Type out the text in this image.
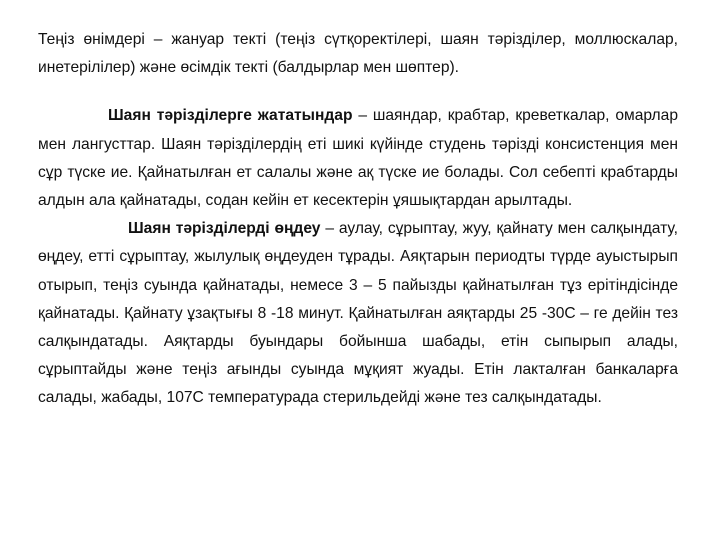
Теңіз өнімдері – жануар текті (теңіз сүтқоректілері, шаян тәрізділер, моллюскалар, инетерілілер) және өсімдік текті (балдырлар мен шөптер).

Шаян тәрізділерге жататындар – шаяндар, крабтар, креветкалар, омарлар мен лангусттар. Шаян тәрізділердің еті шикі күйінде студень тәрізді консистенция мен сұр түске ие. Қайнатылған ет салалы және ақ түске ие болады. Сол себепті крабтарды алдын ала қайнатады, содан кейін ет кесектерін ұяшықтардан арылтады.

Шаян тәрізділерді өңдеу – аулау, сұрыптау, жуу, қайнату мен салқындату, өңдеу, етті сұрыптау, жылулық өңдеуден тұрады. Аяқтарын периодты түрде ауыстырып отырып, теңіз суында қайнатады, немесе 3 – 5 пайызды қайнатылған тұз ерітіндісінде қайнатады. Қайнату ұзақтығы 8 -18 минут. Қайнатылған аяқтарды 25 -30С – ге дейін тез салқындатады. Аяқтарды буындары бойынша шабады, етін сыпырып алады, сұрыптайды және теңіз ағынды суында мұқият жуады. Етін лакталған банкаларға салады, жабады, 107С температурада стерильдейді және тез салқындатады.
